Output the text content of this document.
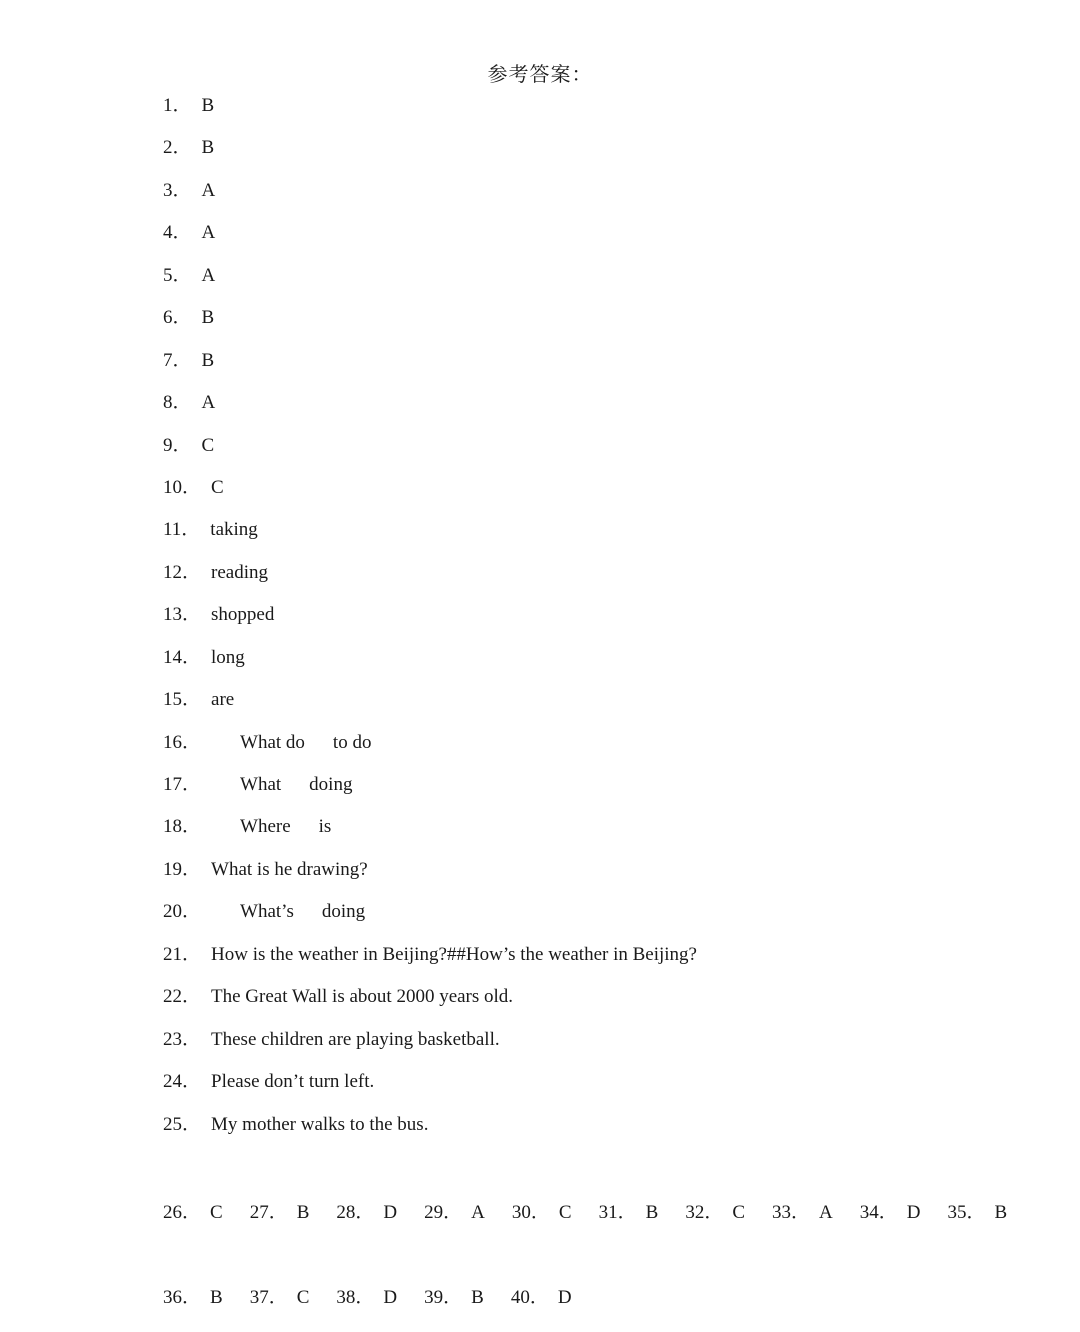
参考答案：
1． B
2． B
3． A
4． A
5． A
6． B
7． B
8． A
9． C
10． C
11． taking
12． reading
13． shopped
14． long
15． are
16．	What do to do
17．	What doing
18．	Where is
19． What is he drawing?
20．	What’s doing
21． How is the weather in Beijing?##How’s the weather in Beijing?
22． The Great Wall is about 2000 years old.
23． These children are playing basketball.
24． Please don’t turn left.
25． My mother walks to the bus.
26． C 27． B 28． D 29． A 30． C 31． B 32． C 33． A 34． D 35． B
36． B 37． C 38． D 39． B 40． D
